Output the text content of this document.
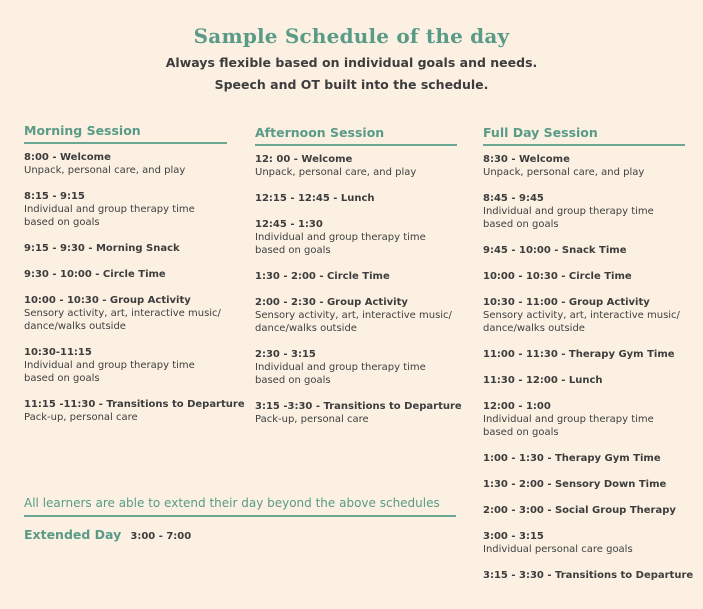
Sample Schedule of the day
Always flexible based on individual goals and needs.
Speech and OT built into the schedule.
Morning Session
8:00 - Welcome
Unpack, personal care, and play
8:15 - 9:15
Individual and group therapy time based on goals
9:15 - 9:30 - Morning Snack
9:30 - 10:00 - Circle Time
10:00 - 10:30 - Group Activity
Sensory activity, art, interactive music/ dance/walks outside
10:30-11:15
Individual and group therapy time based on goals
11:15 -11:30 - Transitions to Departure
Pack-up, personal care
Afternoon Session
12: 00 - Welcome
Unpack, personal care, and play
12:15 - 12:45 - Lunch
12:45 - 1:30
Individual and group therapy time based on goals
1:30 - 2:00 - Circle Time
2:00 - 2:30 - Group Activity
Sensory activity, art, interactive music/ dance/walks outside
2:30 - 3:15
Individual and group therapy time based on goals
3:15 -3:30 - Transitions to Departure
Pack-up, personal care
Full Day Session
8:30 - Welcome
Unpack, personal care, and play
8:45 - 9:45
Individual and group therapy time based on goals
9:45 - 10:00 - Snack Time
10:00 - 10:30 - Circle Time
10:30 - 11:00 - Group Activity
Sensory activity, art, interactive music/ dance/walks outside
11:00 - 11:30 - Therapy Gym Time
11:30 - 12:00 - Lunch
12:00 - 1:00
Individual and group therapy time based on goals
1:00 - 1:30 - Therapy Gym Time
1:30 - 2:00 - Sensory Down Time
2:00 - 3:00 - Social Group Therapy
3:00 - 3:15
Individual personal care goals
3:15 - 3:30 - Transitions to Departure
All learners are able to extend their day beyond the above schedules
Extended Day 3:00 - 7:00
